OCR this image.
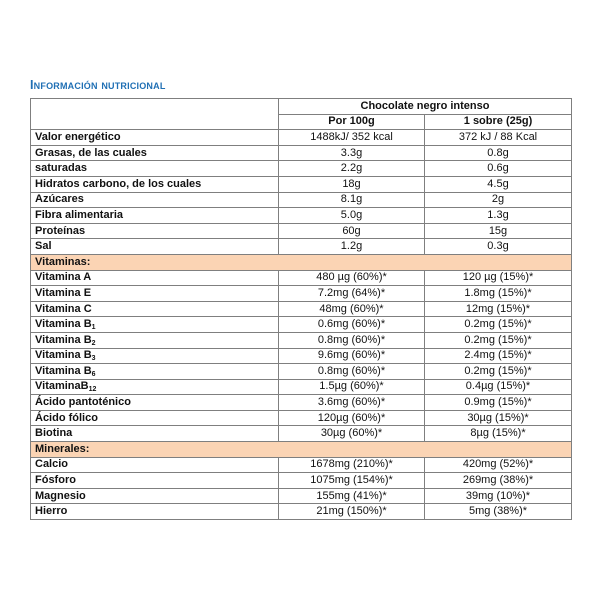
Información nutricional
	Chocolate negro intenso	
	Por 100g	1 sobre (25g)
Valor energético	1488kJ/ 352 kcal	372 kJ / 88 Kcal
Grasas, de las cuales	3.3g	0.8g
saturadas	2.2g	0.6g
Hidratos carbono, de los cuales	18g	4.5g
Azúcares	8.1g	2g
Fibra alimentaria	5.0g	1.3g
Proteínas	60g	15g
Sal	1.2g	0.3g
Vitaminas:		
Vitamina A	480 µg (60%)*	120 µg (15%)*
Vitamina E	7.2mg (64%)*	1.8mg (15%)*
Vitamina C	48mg (60%)*	12mg (15%)*
Vitamina $B_1$	0.6mg (60%)*	0.2mg (15%)*
Vitamina $B_2$	0.8mg (60%)*	0.2mg (15%)*
Vitamina $B_3$	9.6mg (60%)*	2.4mg (15%)*
Vitamina $B_6$	0.8mg (60%)*	0.2mg (15%)*
VitaminaB$_{12}$	1.5µg (60%)*	0.4µg (15%)*
Ácido pantoténico	3.6mg (60%)*	0.9mg (15%)*
Ácido fólico	120µg (60%)*	30µg (15%)*
Biotina	30µg (60%)*	8µg (15%)*
Minerales:		
Calcio	1678mg (210%)*	420mg (52%)*
Fósforo	1075mg (154%)*	269mg (38%)*
Magnesio	155mg (41%)*	39mg (10%)*
Hierro	21mg (150%)*	5mg (38%)*
